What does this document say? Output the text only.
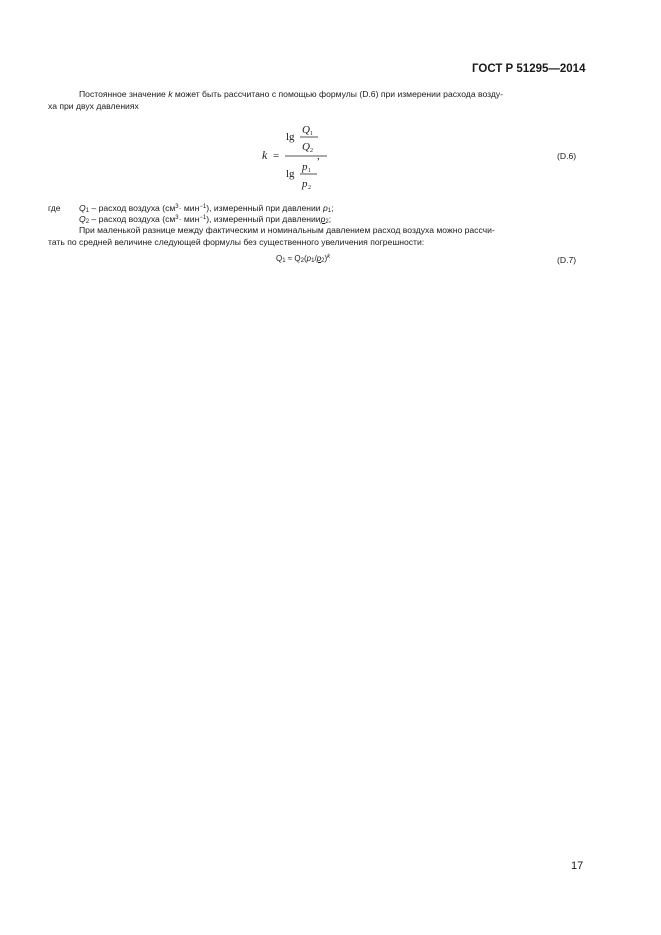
ГОСТ Р 51295—2014
Постоянное значение k может быть рассчитано с помощью формулы (D.6) при измерении расхода возду-
ха при двух давлениях
k =
lg
Q 1
Q 2
lg
p 1
p 2
,	(D.6)
где $Q_1$ – расход воздуха $(см^3\cdot мин^{-1})$, измеренный при давлении $p_1$;
$Q_2$ – расход воздуха $(см^3\cdot мин^{-1})$, измеренный при давленииp$_2$;
При маленькой разнице между фактическим и номинальным давлением расход воздуха можно рассчи-
тать по средней величине следующей формулы без существенного увеличения погрешности:
$Q_1 \approx Q_2(p_1/p_2)^k$	(D.7)
17
